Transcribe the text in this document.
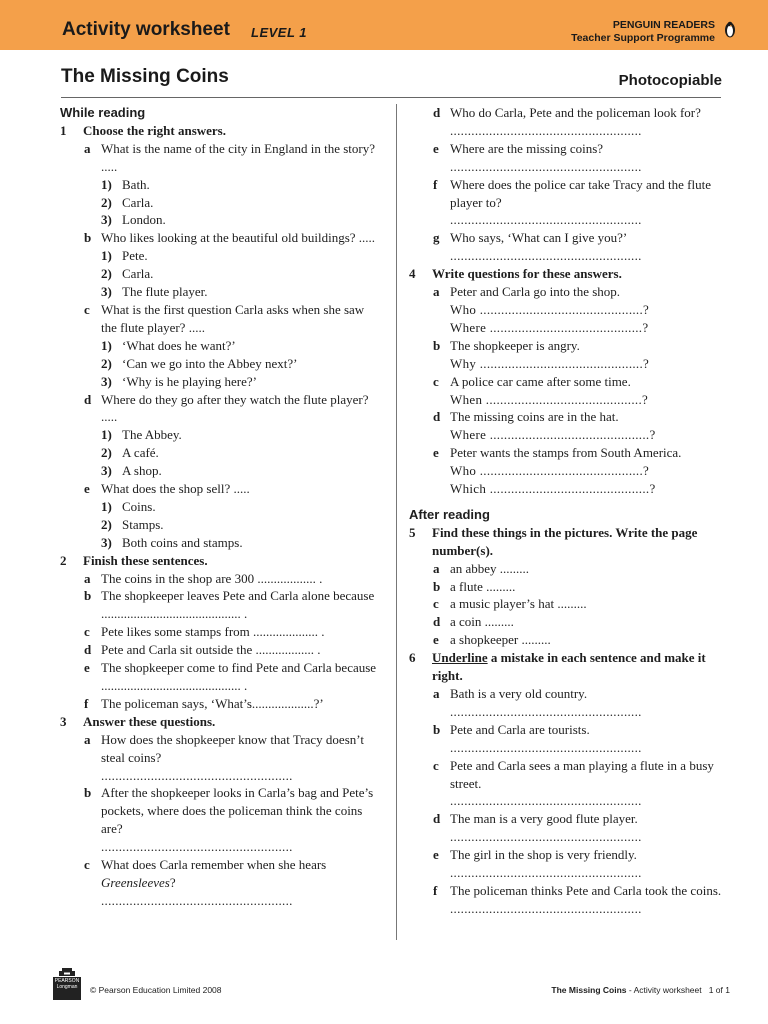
Activity worksheet LEVEL 1	PENGUIN READERS
Teacher Support Programme
The Missing Coins	Photocopiable
While reading
1 Choose the right answers.
a What is the name of the city in England in the story? .....
1) Bath.
2) Carla.
3) London.
b Who likes looking at the beautiful old buildings? .....
1) Pete.
2) Carla.
3) The flute player.
c What is the first question Carla asks when she saw the flute player? .....
1) ‘What does he want?’
2) ‘Can we go into the Abbey next?’
3) ‘Why is he playing here?’
d Where do they go after they watch the flute player? .....
1) The Abbey.
2) A café.
3) A shop.
e What does the shop sell? .....
1) Coins.
2) Stamps.
3) Both coins and stamps.
2 Finish these sentences.
a The coins in the shop are 300 .................. .
b The shopkeeper leaves Pete and Carla alone because ........................................... .
c Pete likes some stamps from .................... .
d Pete and Carla sit outside the .................. .
e The shopkeeper come to find Pete and Carla because ........................................... .
f The policeman says, ‘What’s...................?’
3 Answer these questions.
a How does the shopkeeper know that Tracy doesn’t steal coins?
......................................................
b After the shopkeeper looks in Carla’s bag and Pete’s pockets, where does the policeman think the coins are?
......................................................
c What does Carla remember when she hears Greensleeves?
......................................................
d Who do Carla, Pete and the policeman look for?
......................................................
e Where are the missing coins?
......................................................
f Where does the police car take Tracy and the flute player to?
......................................................
g Who says, ‘What can I give you?’
......................................................
4 Write questions for these answers.
a Peter and Carla go into the shop.
Who ..............................................?
Where ...........................................?
b The shopkeeper is angry.
Why ..............................................?
c A police car came after some time.
When ............................................?
d The missing coins are in the hat.
Where .............................................?
e Peter wants the stamps from South America.
Who ..............................................?
Which .............................................?
After reading
5 Find these things in the pictures. Write the page number(s).
a an abbey .........
b a flute .........
c a music player’s hat .........
d a coin .........
e a shopkeeper .........
6 Underline a mistake in each sentence and make it right.
a Bath is a very old country.
......................................................
b Pete and Carla are tourists.
......................................................
c Pete and Carla sees a man playing a flute in a busy street.
......................................................
d The man is a very good flute player.
......................................................
e The girl in the shop is very friendly.
......................................................
f The policeman thinks Pete and Carla took the coins.
......................................................
PEARSON Longman	© Pearson Education Limited 2008	The Missing Coins - Activity worksheet 1 of 1
